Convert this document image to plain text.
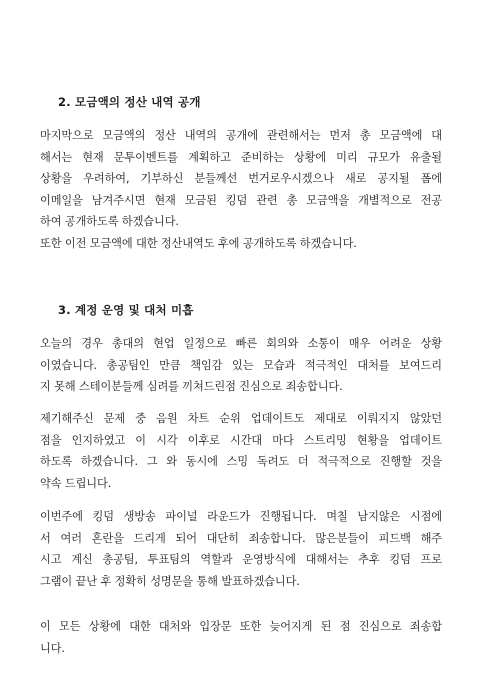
2. 모금액의 정산 내역 공개
마지막으로 모금액의 정산 내역의 공개에 관련해서는 먼저 총 모금액에 대
해서는 현재 문투이벤트를 계획하고 준비하는 상황에 미리 규모가 유출될
상황을 우려하여, 기부하신 분들께선 번거로우시겠으나 새로 공지될 폼에
이메일을 남겨주시면 현재 모금된 킹덤 관련 총 모금액을 개별적으로 전공
하여 공개하도록 하겠습니다.
또한 이전 모금액에 대한 정산내역도 후에 공개하도록 하겠습니다.
3. 계정 운영 및 대처 미흡
오늘의 경우 총대의 현업 일정으로 빠른 회의와 소통이 매우 어려운 상황
이였습니다. 총공팀인 만큼 책임감 있는 모습과 적극적인 대처를 보여드리
지 못해 스테이분들께 심려를 끼쳐드린점 진심으로 죄송합니다.
제기해주신 문제 중 음원 차트 순위 업데이트도 제대로 이뤄지지 않았던
점을 인지하였고 이 시각 이후로 시간대 마다 스트리밍 현황을 업데이트
하도록 하겠습니다. 그 와 동시에 스밍 독려도 더 적극적으로 진행할 것을
약속 드립니다.
이번주에 킹덤 생방송 파이널 라운드가 진행됩니다. 며칠 남지않은 시점에
서 여러 혼란을 드리게 되어 대단히 죄송합니다. 많은분들이 피드백 해주
시고 계신 총공팀, 투표팀의 역할과 운영방식에 대해서는 추후 킹덤 프로
그램이 끝난 후 정확히 성명문을 통해 발표하겠습니다.
이 모든 상황에 대한 대처와 입장문 또한 늦어지게 된 점 진심으로 죄송합
니다.
